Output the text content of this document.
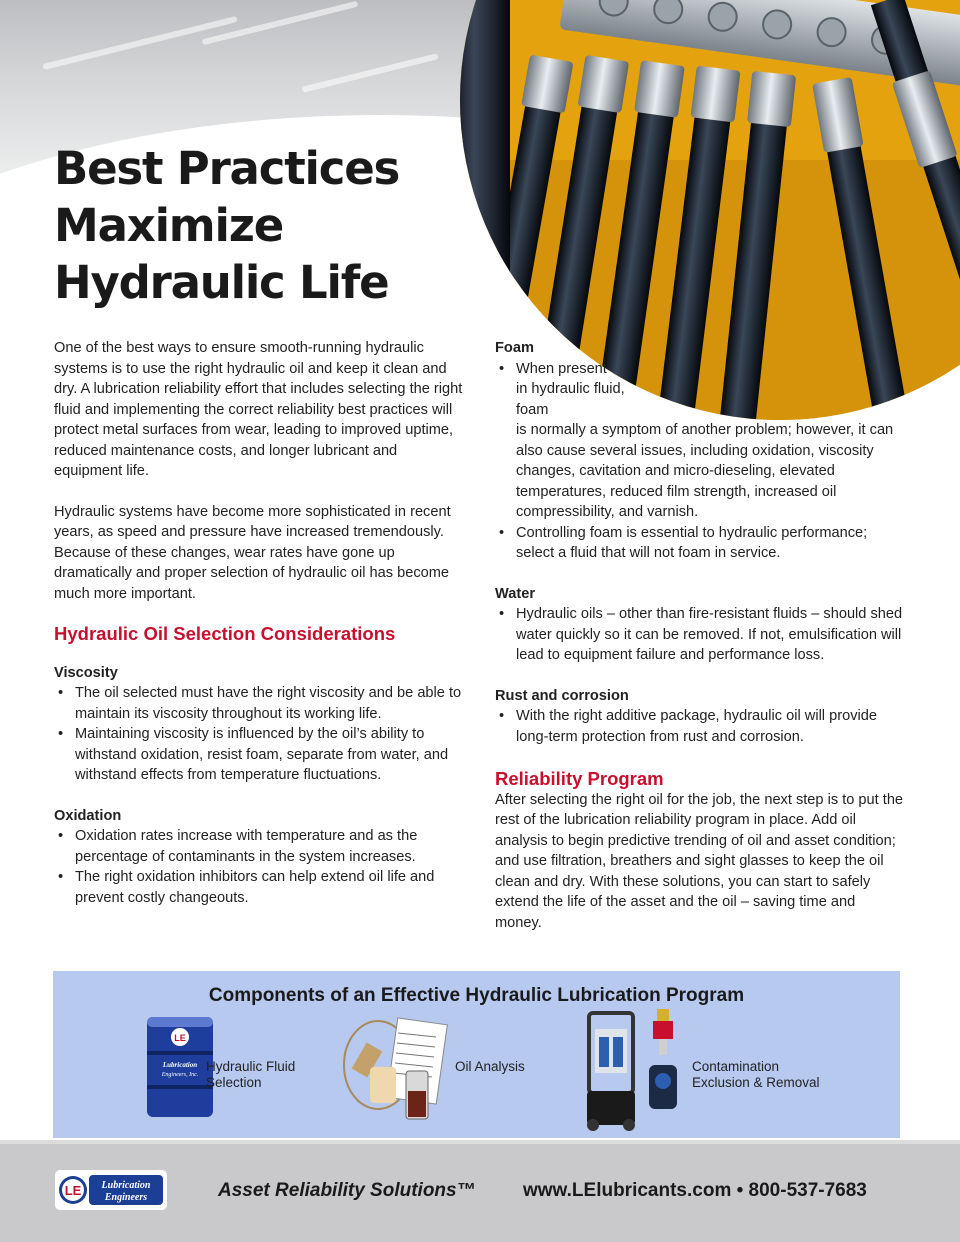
Best Practices Maximize Hydraulic Life

One of the best ways to ensure smooth-running hydraulic systems is to use the right hydraulic oil and keep it clean and dry. A lubrication reliability effort that includes selecting the right fluid and implementing the correct reliability best practices will protect metal surfaces from wear, leading to improved uptime, reduced maintenance costs, and longer lubricant and equipment life.

Hydraulic systems have become more sophisticated in recent years, as speed and pressure have increased tremendously. Because of these changes, wear rates have gone up dramatically and proper selection of hydraulic oil has become much more important.

Hydraulic Oil Selection Considerations
Viscosity
• The oil selected must have the right viscosity and be able to maintain its viscosity throughout its working life.
• Maintaining viscosity is influenced by the oil’s ability to withstand oxidation, resist foam, separate from water, and withstand effects from temperature fluctuations.
Oxidation
• Oxidation rates increase with temperature and as the percentage of contaminants in the system increases.
• The right oxidation inhibitors can help extend oil life and prevent costly changeouts.
Foam
• When present
in hydraulic fluid,
foam
is normally a symptom of another problem; however, it can also cause several issues, including oxidation, viscosity changes, cavitation and micro-dieseling, elevated temperatures, reduced film strength, increased oil compressibility, and varnish.
• Controlling foam is essential to hydraulic performance; select a fluid that will not foam in service.
Water
• Hydraulic oils – other than fire-resistant fluids – should shed water quickly so it can be removed. If not, emulsification will lead to equipment failure and performance loss.
Rust and corrosion
• With the right additive package, hydraulic oil will provide long-term protection from rust and corrosion.
Reliability Program
After selecting the right oil for the job, the next step is to put the rest of the lubrication reliability program in place. Add oil analysis to begin predictive trending of oil and asset condition; and use filtration, breathers and sight glasses to keep the oil clean and dry. With these solutions, you can start to safely extend the life of the asset and the oil – saving time and money.
Components of an Effective Hydraulic Lubrication Program
LE
Lubrication
Engineers, Inc.
Hydraulic Fluid
Selection
Oil Analysis	Contamination
Exclusion & Removal
LE Lubrication
Engineers	Asset Reliability Solutions™ www.LElubricants.com • 800-537-7683
